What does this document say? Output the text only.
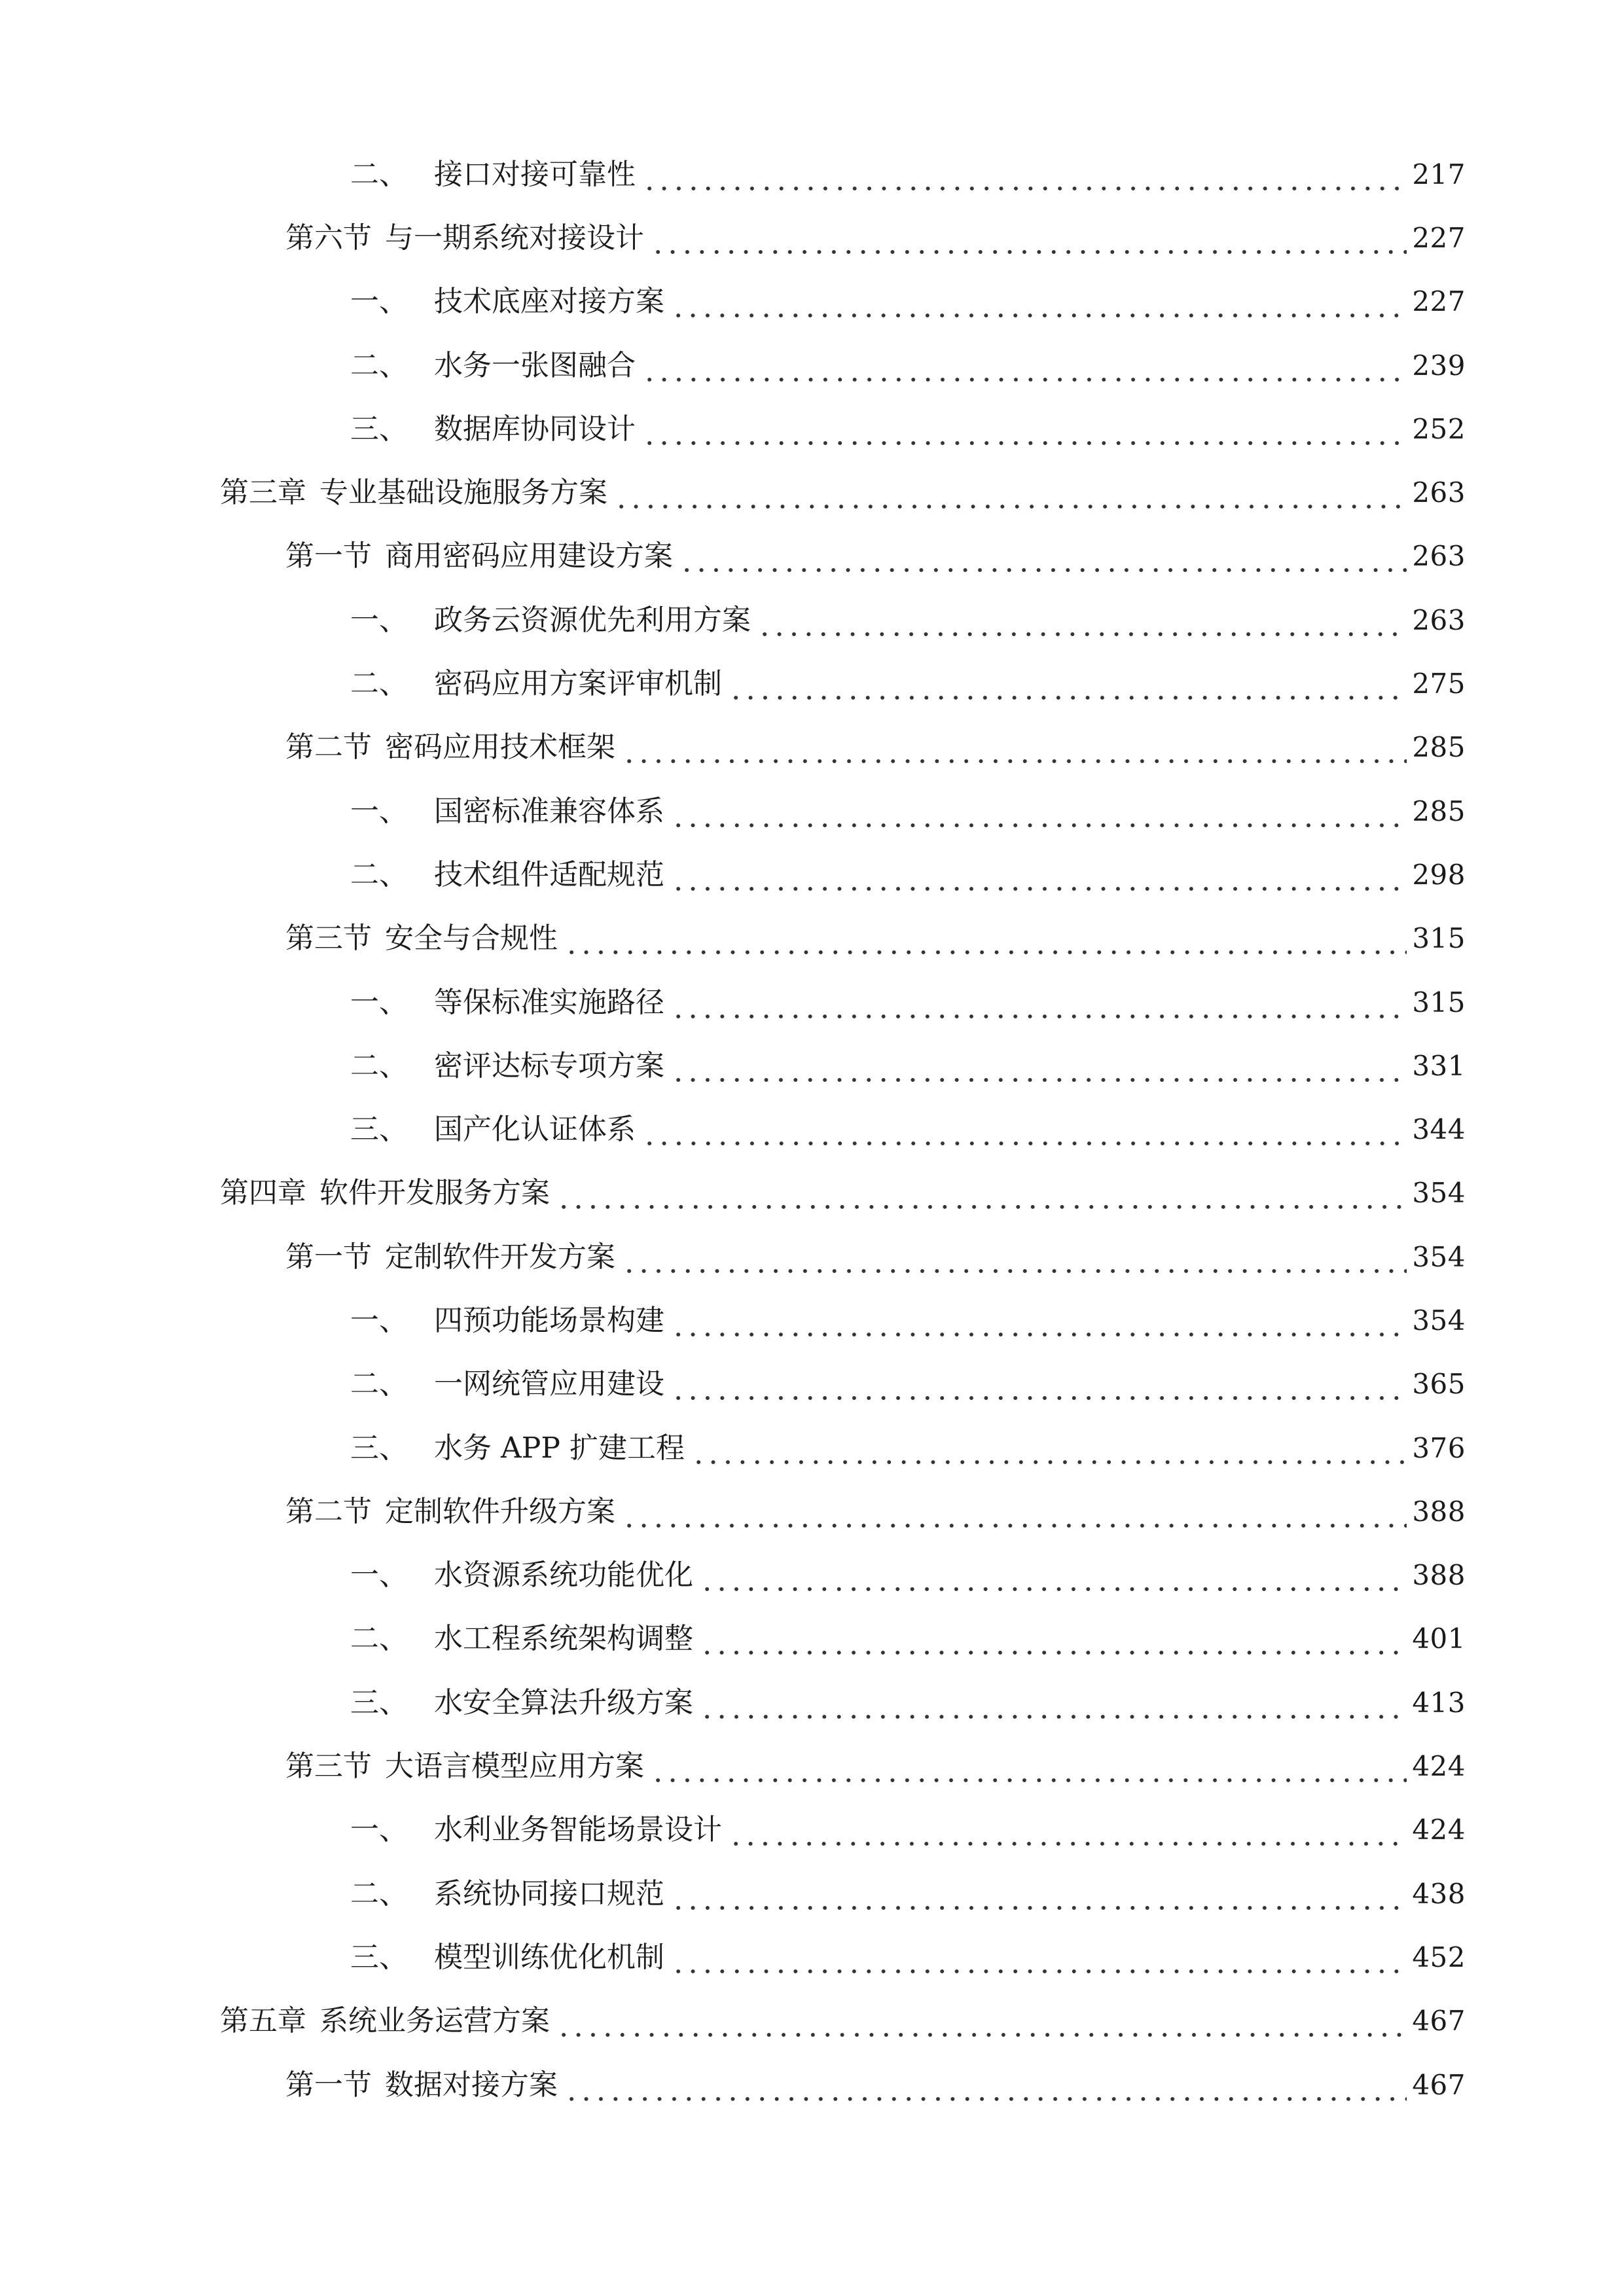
二、 接口对接可靠性	217
第六节 与一期系统对接设计	227
一、 技术底座对接方案	227
二、 水务一张图融合	239
三、 数据库协同设计	252
第三章 专业基础设施服务方案	263
第一节 商用密码应用建设方案	263
一、 政务云资源优先利用方案	263
二、 密码应用方案评审机制	275
第二节 密码应用技术框架	285
一、 国密标准兼容体系	285
二、 技术组件适配规范	298
第三节 安全与合规性	315
一、 等保标准实施路径	315
二、 密评达标专项方案	331
三、 国产化认证体系	344
第四章 软件开发服务方案	354
第一节 定制软件开发方案	354
一、 四预功能场景构建	354
二、 一网统管应用建设	365
三、 水务 APP 扩建工程	376
第二节 定制软件升级方案	388
一、 水资源系统功能优化	388
二、 水工程系统架构调整	401
三、 水安全算法升级方案	413
第三节 大语言模型应用方案	424
一、 水利业务智能场景设计	424
二、 系统协同接口规范	438
三、 模型训练优化机制	452
第五章 系统业务运营方案	467
第一节 数据对接方案	467
